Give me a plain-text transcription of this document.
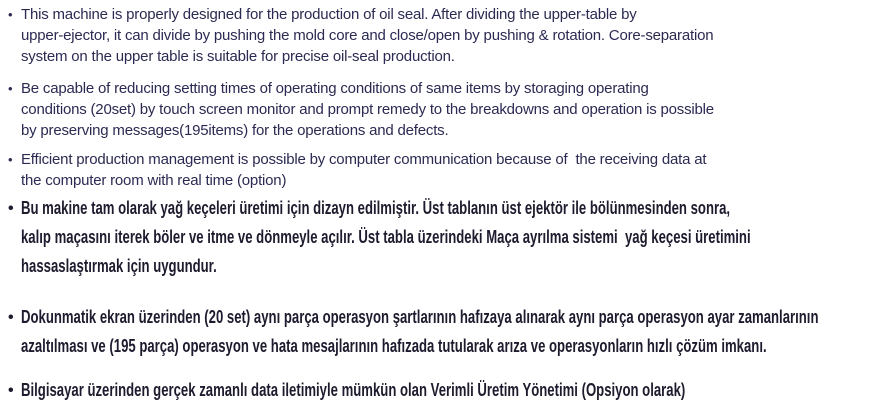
• This machine is properly designed for the production of oil seal. After dividing the upper-table by
upper-ejector, it can divide by pushing the mold core and close/open by pushing & rotation. Core-separation
system on the upper table is suitable for precise oil-seal production.
• Be capable of reducing setting times of operating conditions of same items by storaging operating
conditions (20set) by touch screen monitor and prompt remedy to the breakdowns and operation is possible
by preserving messages(195items) for the operations and defects.
• Efficient production management is possible by computer communication because of  the receiving data at
the computer room with real time (option)
• Bu makine tam olarak yağ keçeleri üretimi için dizayn edilmiştir. Üst tablanın üst ejektör ile bölünmesinden sonra,
kalıp maçasını iterek böler ve itme ve dönmeyle açılır. Üst tabla üzerindeki Maça ayrılma sistemi  yağ keçesi üretimini
hassaslaştırmak için uygundur.
• Dokunmatik ekran üzerinden (20 set) aynı parça operasyon şartlarının hafızaya alınarak aynı parça operasyon ayar zamanlarının
azaltılması ve (195 parça) operasyon ve hata mesajlarının hafızada tutularak arıza ve operasyonların hızlı çözüm imkanı.
• Bilgisayar üzerinden gerçek zamanlı data iletimiyle mümkün olan Verimli Üretim Yönetimi (Opsiyon olarak)
